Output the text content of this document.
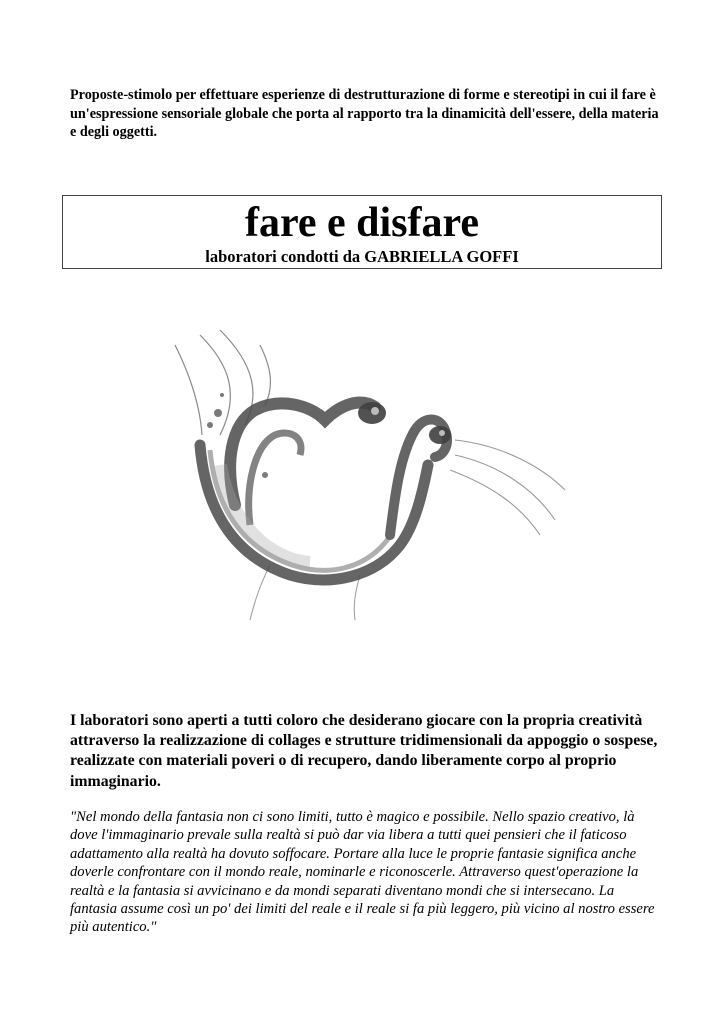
Proposte-stimolo per effettuare esperienze di destrutturazione di forme e stereotipi in cui il fare è un'espressione sensoriale globale che porta al rapporto tra la dinamicità dell'essere, della materia e degli oggetti.

fare e disfare

laboratori condotti da GABRIELLA GOFFI

I laboratori sono aperti a tutti coloro che desiderano giocare con la propria creatività attraverso la realizzazione di collages e strutture tridimensionali da appoggio o sospese, realizzate con materiali poveri o di recupero, dando liberamente corpo al proprio immaginario.

"Nel mondo della fantasia non ci sono limiti, tutto è magico e possibile. Nello spazio creativo, là dove l'immaginario prevale sulla realtà si può dar via libera a tutti quei pensieri che il faticoso adattamento alla realtà ha dovuto soffocare. Portare alla luce le proprie fantasie significa anche doverle confrontare con il mondo reale, nominarle e riconoscerle. Attraverso quest'operazione la realtà e la fantasia si avvicinano e da mondi separati diventano mondi che si intersecano. La fantasia assume così un po' dei limiti del reale e il reale si fa più leggero, più vicino al nostro essere più autentico."
